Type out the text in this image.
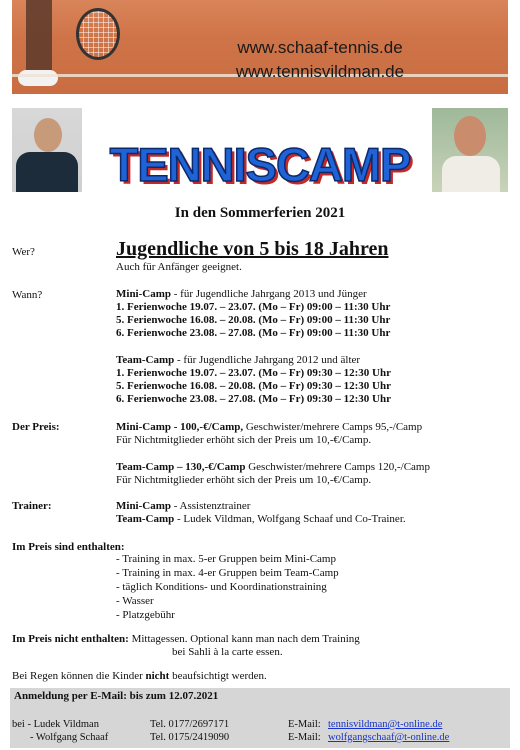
www.schaaf-tennis.de
www.tennisvildman.de
TENNISCAMP
In den Sommerferien 2021
Wer?	Jugendliche von 5 bis 18 Jahren
Auch für Anfänger geeignet.
Wann?	Mini-Camp - für Jugendliche Jahrgang 2013 und Jünger
1. Ferienwoche 19.07. – 23.07. (Mo – Fr) 09:00 – 11:30 Uhr
5. Ferienwoche 16.08. – 20.08. (Mo – Fr) 09:00 – 11:30 Uhr
6. Ferienwoche 23.08. – 27.08. (Mo – Fr) 09:00 – 11:30 Uhr
Team-Camp - für Jugendliche Jahrgang 2012 und älter
1. Ferienwoche 19.07. – 23.07. (Mo – Fr) 09:30 – 12:30 Uhr
5. Ferienwoche 16.08. – 20.08. (Mo – Fr) 09:30 – 12:30 Uhr
6. Ferienwoche 23.08. – 27.08. (Mo – Fr) 09:30 – 12:30 Uhr
Der Preis:	Mini-Camp - 100,-€/Camp, Geschwister/mehrere Camps 95,-/Camp
Für Nichtmitglieder erhöht sich der Preis um 10,-€/Camp.
Team-Camp – 130,-€/Camp Geschwister/mehrere Camps 120,-/Camp
Für Nichtmitglieder erhöht sich der Preis um 10,-€/Camp.
Trainer:	Mini-Camp - Assistenztrainer
Team-Camp - Ludek Vildman, Wolfgang Schaaf und Co-Trainer.
Im Preis sind enthalten:
- Training in max. 5-er Gruppen beim Mini-Camp
- Training in max. 4-er Gruppen beim Team-Camp
- täglich Konditions- und Koordinationstraining
- Wasser
- Platzgebühr
Im Preis nicht enthalten: Mittagessen. Optional kann man nach dem Training
bei Sahli à la carte essen.
Bei Regen können die Kinder nicht beaufsichtigt werden.
Anmeldung per E-Mail: bis zum 12.07.2021
bei - Ludek Vildman	Tel. 0177/2697171	E-Mail: tennisvildman@t-online.de
- Wolfgang Schaaf	Tel. 0175/2419090	E-Mail: wolfgangschaaf@t-online.de
